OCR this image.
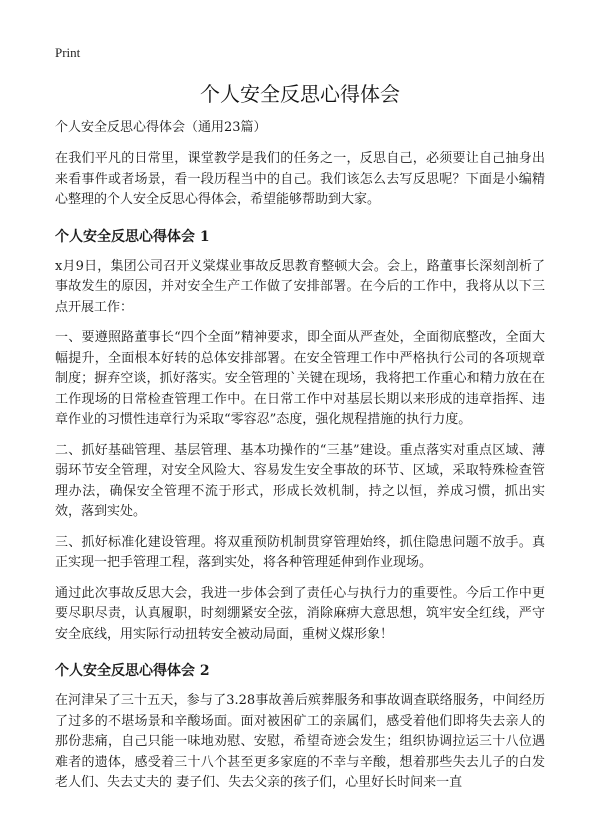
Print
个人安全反思心得体会
个人安全反思心得体会（通用23篇）

在我们平凡的日常里，课堂教学是我们的任务之一，反思自己，必须要让自己抽身出来看事件或者场景，看一段历程当中的自己。我们该怎么去写反思呢？下面是小编精心整理的个人安全反思心得体会，希望能够帮助到大家。

个人安全反思心得体会 1

x月9日，集团公司召开义棠煤业事故反思教育整顿大会。会上，路董事长深刻剖析了事故发生的原因，并对安全生产工作做了安排部署。在今后的工作中，我将从以下三点开展工作：

一、要遵照路董事长“四个全面”精神要求，即全面从严查处，全面彻底整改，全面大幅提升，全面根本好转的总体安排部署。在安全管理工作中严格执行公司的各项规章制度；摒弃空谈，抓好落实。安全管理的`关键在现场，我将把工作重心和精力放在在工作现场的日常检查管理工作中。在日常工作中对基层长期以来形成的违章指挥、违章作业的习惯性违章行为采取“零容忍”态度，强化规程措施的执行力度。

二、抓好基础管理、基层管理、基本功操作的“三基”建设。重点落实对重点区域、薄弱环节安全管理，对安全风险大、容易发生安全事故的环节、区域，采取特殊检查管理办法，确保安全管理不流于形式，形成长效机制，持之以恒，养成习惯，抓出实效，落到实处。

三、抓好标准化建设管理。将双重预防机制贯穿管理始终，抓住隐患问题不放手。真正实现一把手管理工程，落到实处，将各种管理延伸到作业现场。

通过此次事故反思大会，我进一步体会到了责任心与执行力的重要性。今后工作中更要尽职尽责，认真履职，时刻绷紧安全弦，消除麻痹大意思想，筑牢安全红线，严守安全底线，用实际行动扭转安全被动局面，重树义煤形象！

个人安全反思心得体会 2

在河津呆了三十五天，参与了3.28事故善后殡葬服务和事故调查联络服务，中间经历了过多的不堪场景和辛酸场面。面对被困矿工的亲属们，感受着他们即将失去亲人的那份悲痛，自己只能一味地劝慰、安慰，希望奇迹会发生；组织协调拉运三十八位遇难者的遗体，感受着三十八个甚至更多家庭的不幸与辛酸，想着那些失去儿子的白发老人们、失去丈夫的 妻子们、失去父亲的孩子们，心里好长时间来一直
